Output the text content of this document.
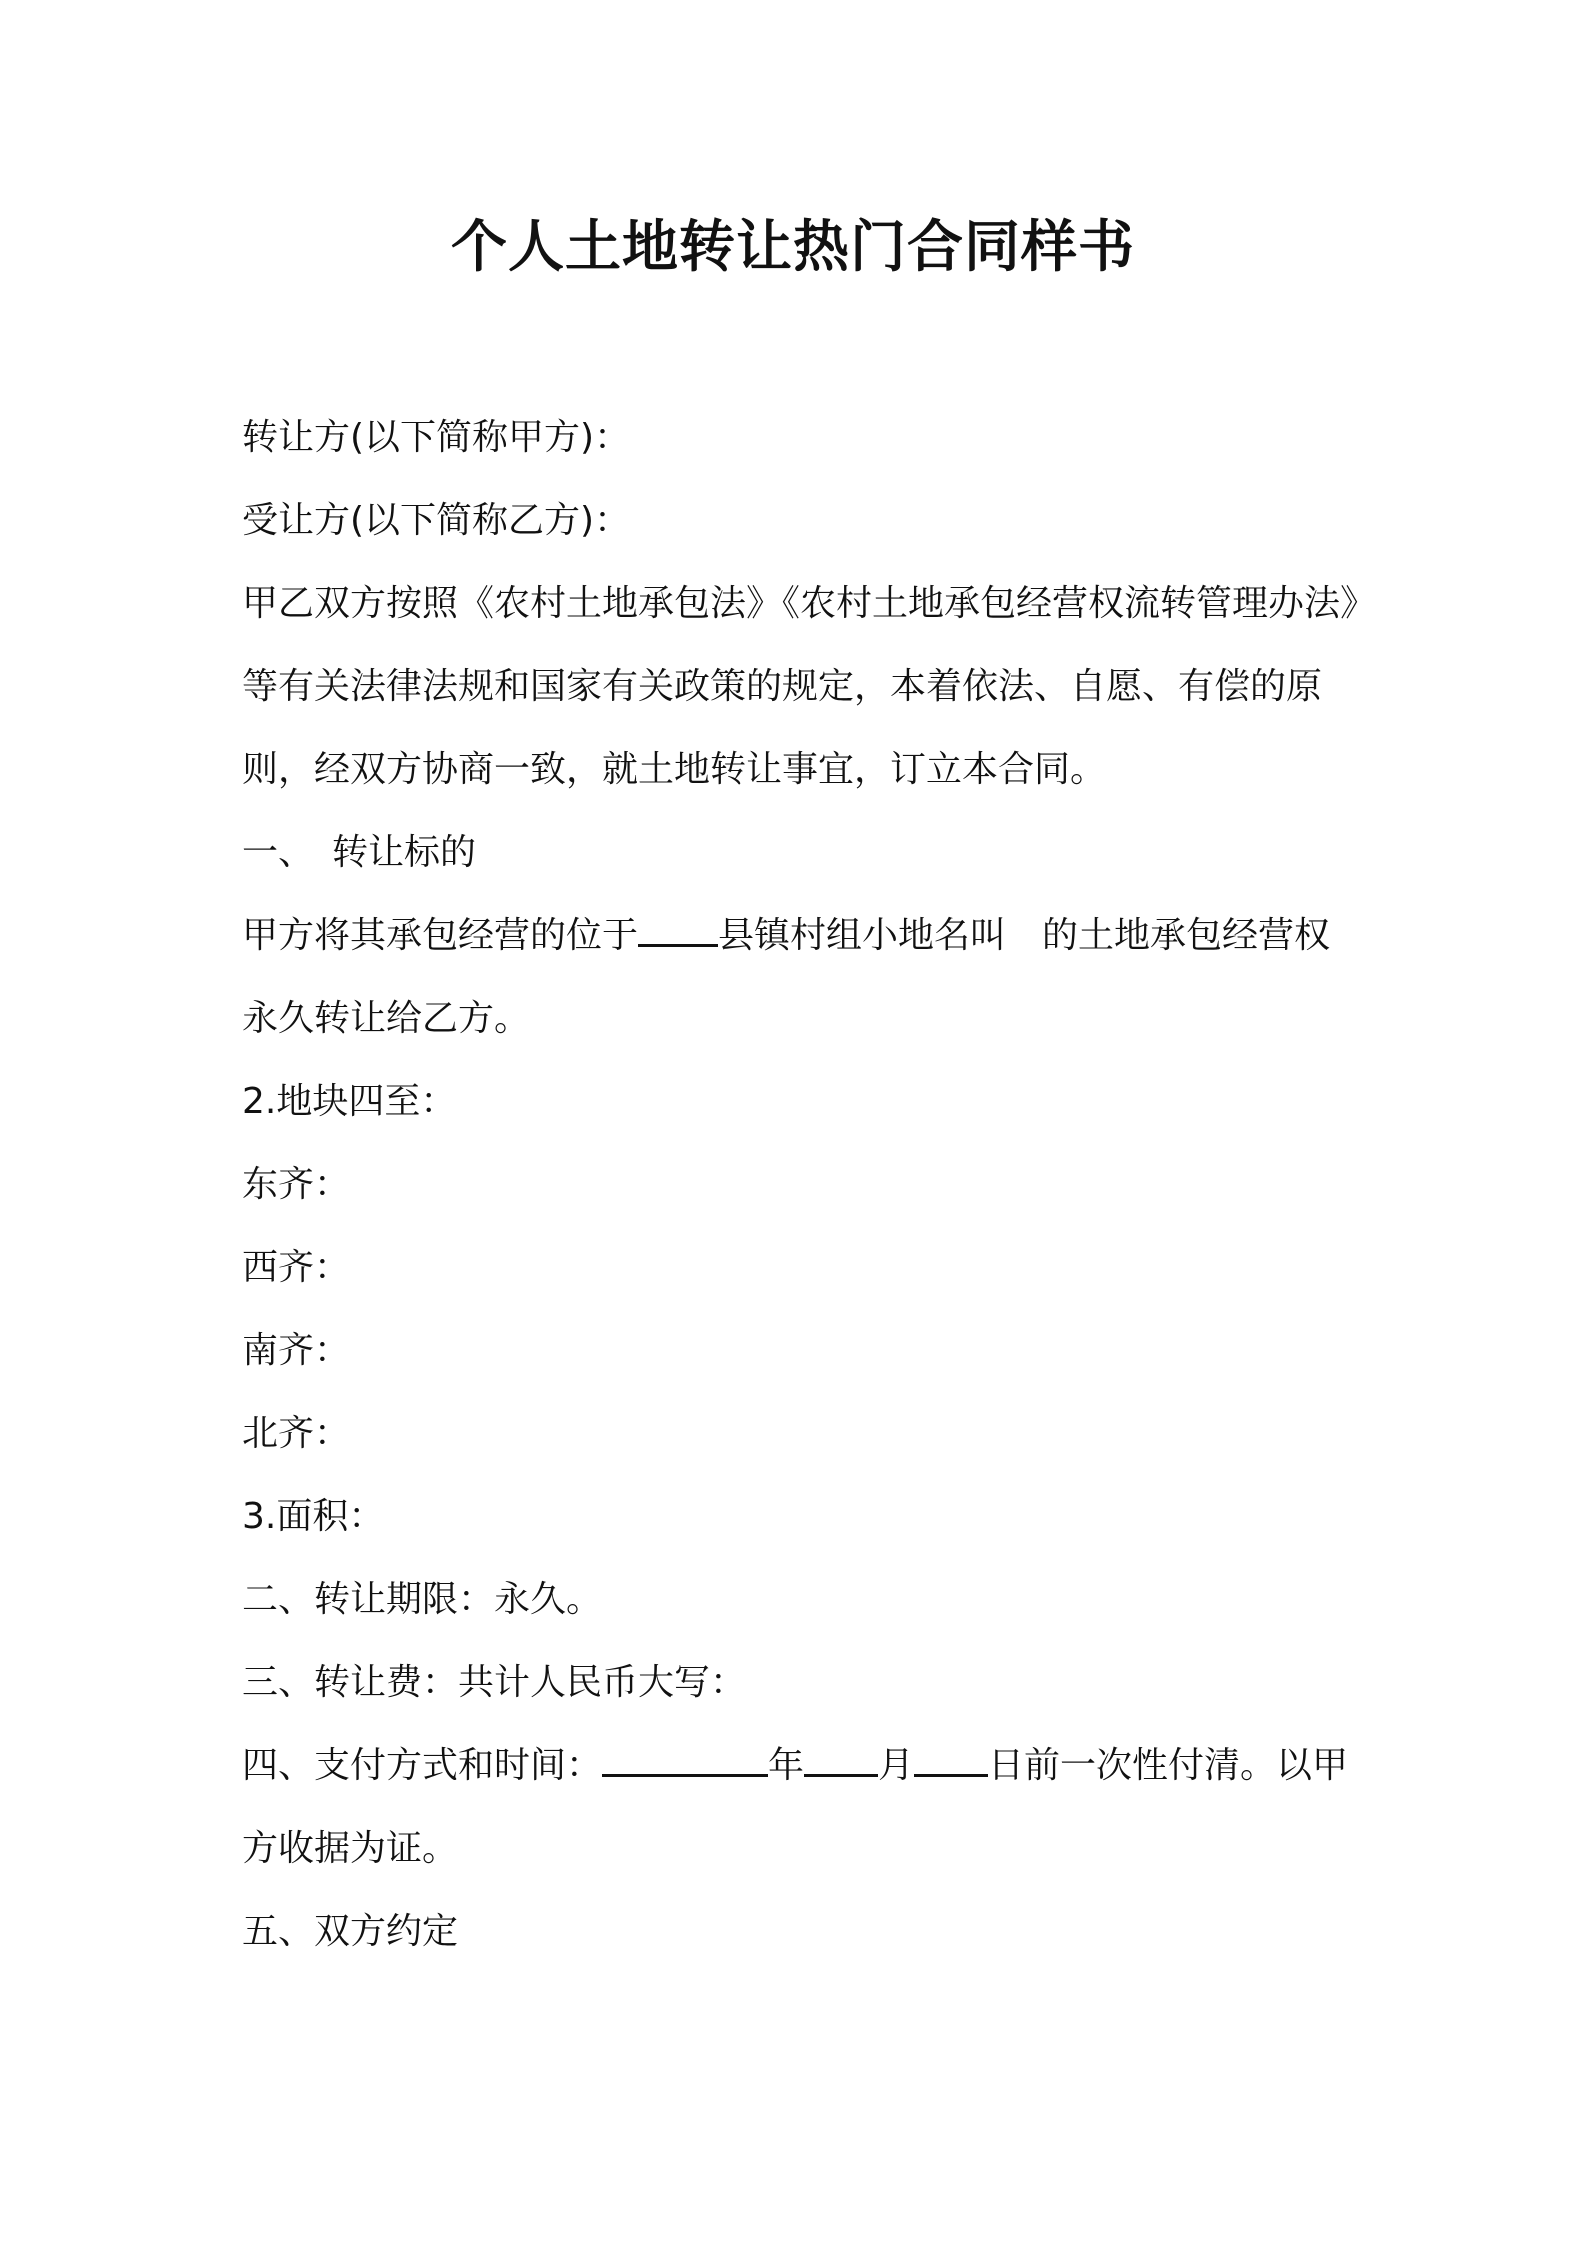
个人土地转让热门合同样书

转让方(以下简称甲方)：

受让方(以下简称乙方)：

甲乙双方按照《农村土地承包法》《农村土地承包经营权流转管理办法》等有关法律法规和国家有关政策的规定，本着依法、自愿、有偿的原则，经双方协商一致，就土地转让事宜，订立本合同。

一、　转让标的

甲方将其承包经营的位于 县镇村组小地名叫　的土地承包经营权永久转让给乙方。

2.地块四至：

东齐：

西齐：

南齐：

北齐：

3.面积：

二、转让期限：永久。

三、转让费：共计人民币大写：

四、支付方式和时间：	年 月 日前一次性付清。以甲方收据为证。

五、双方约定
